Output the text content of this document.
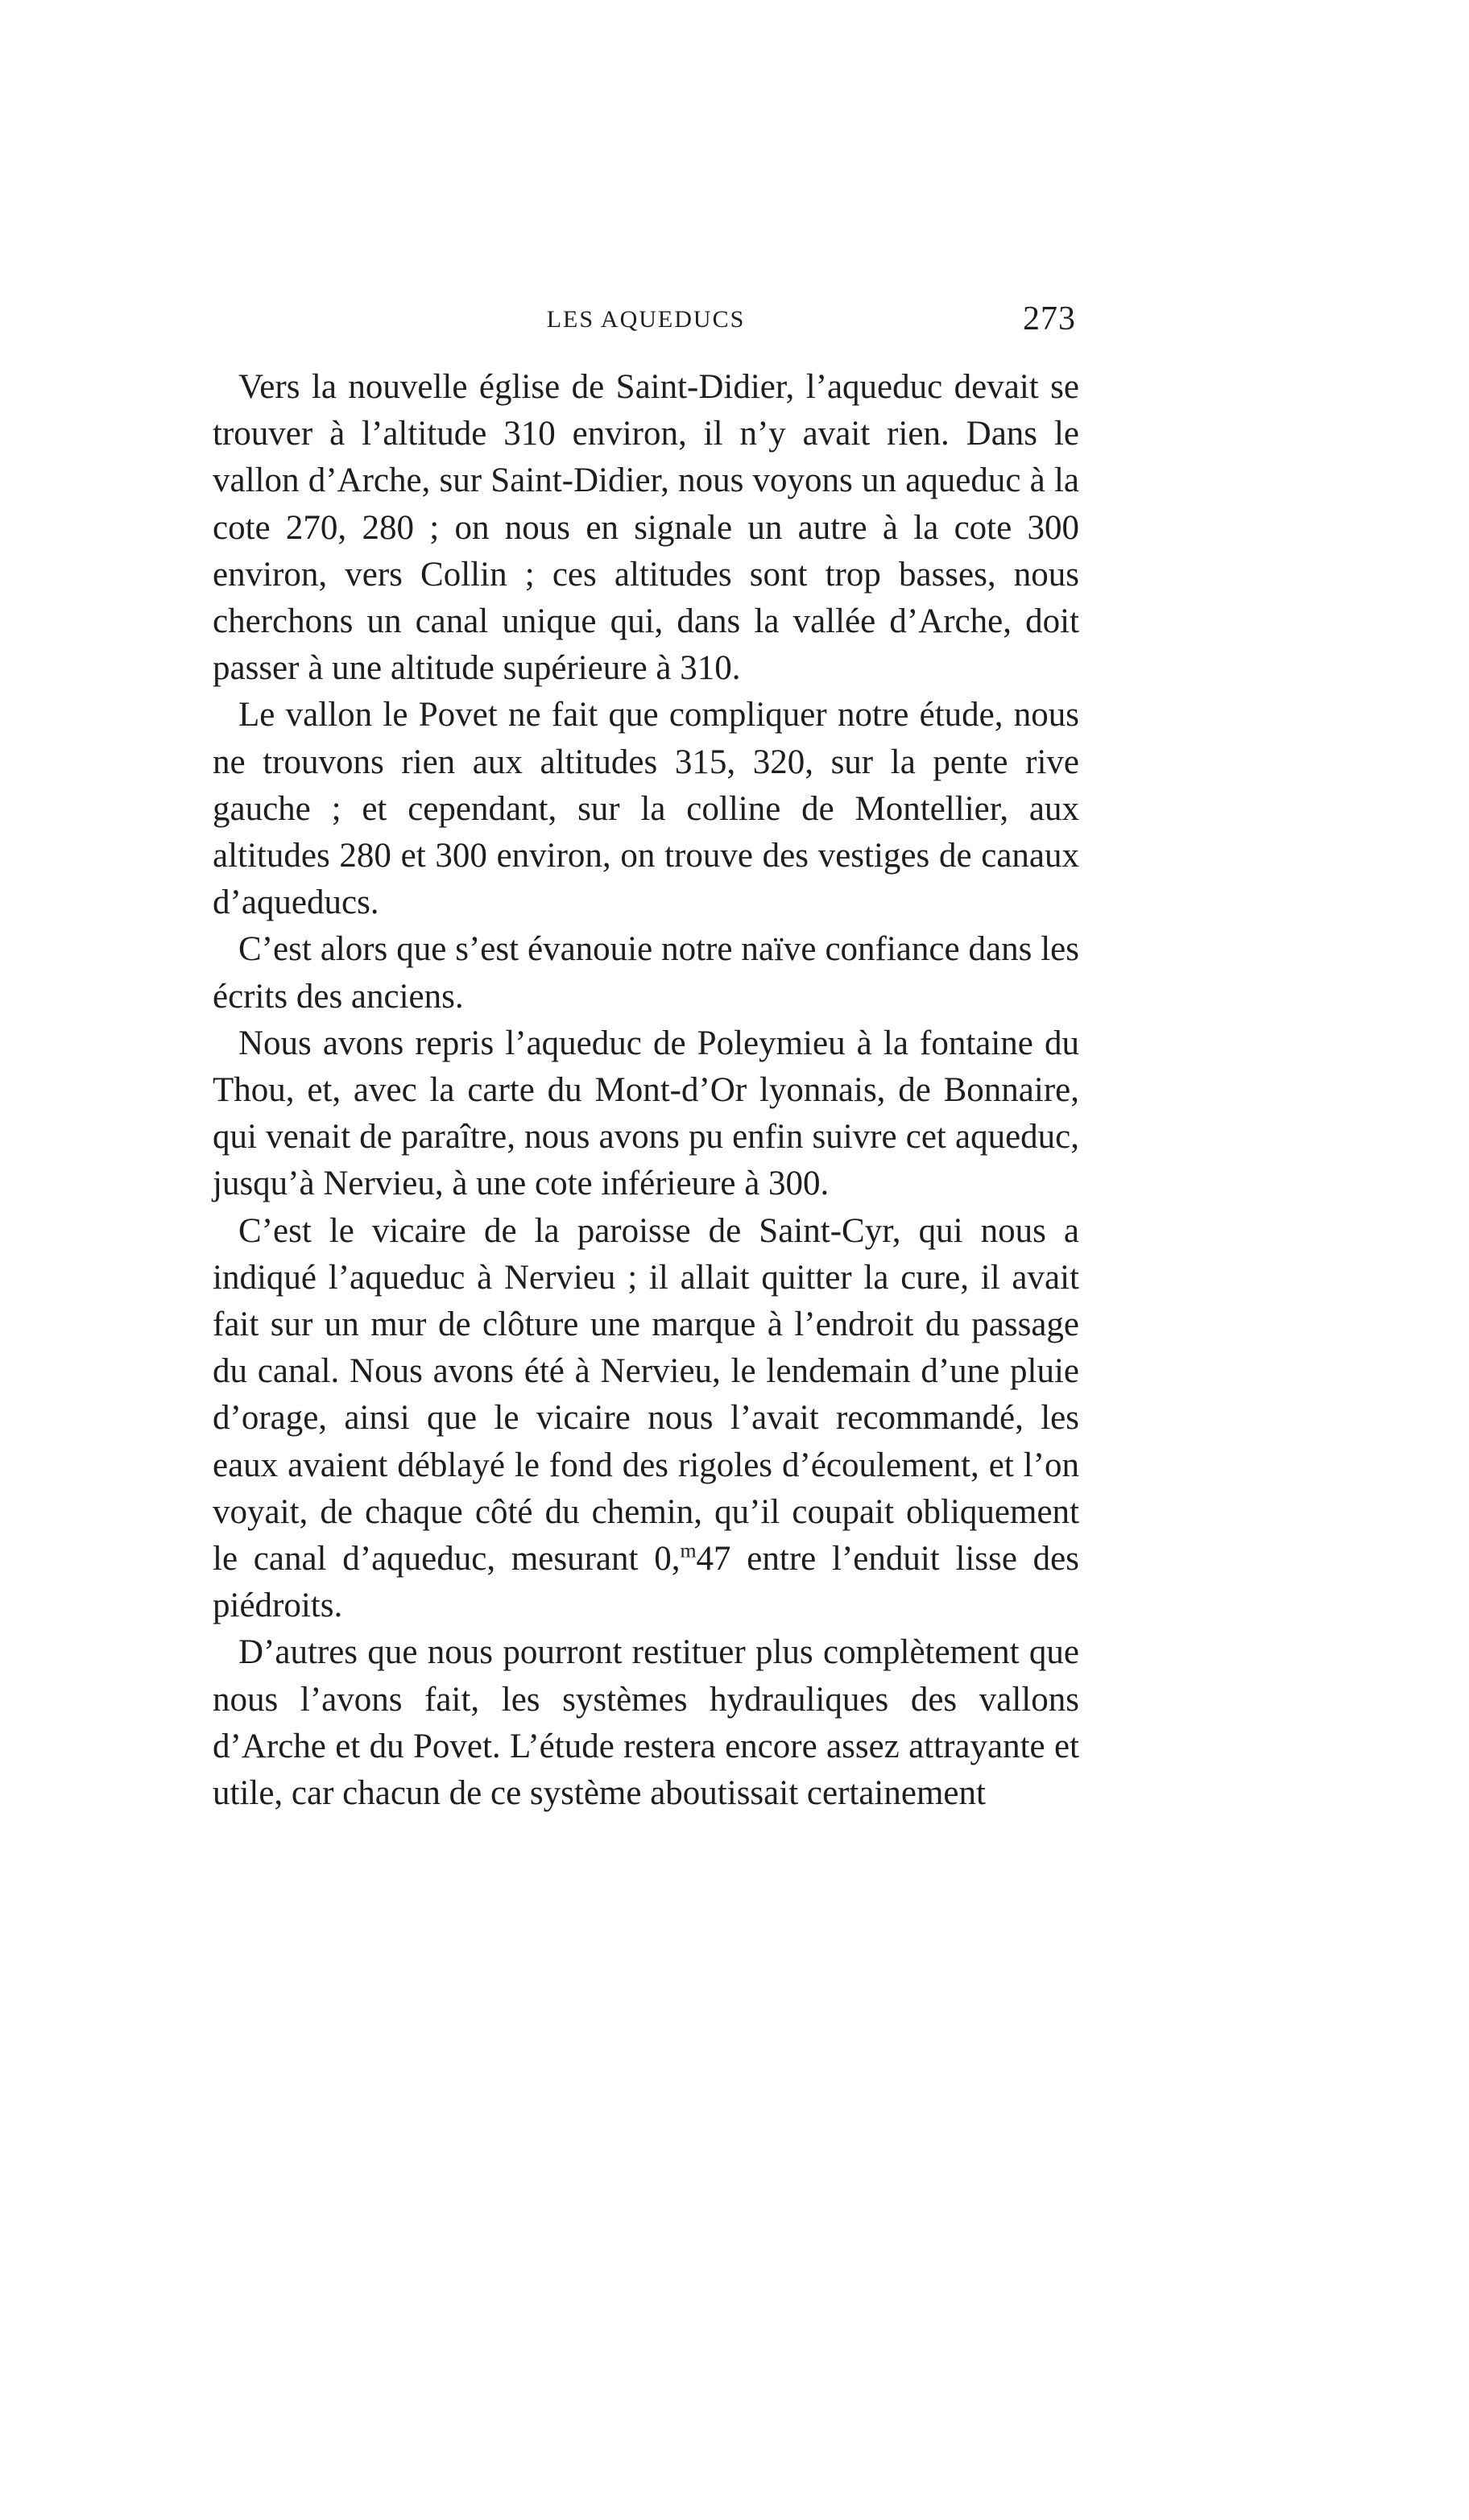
LES AQUEDUCS	273

Vers la nouvelle église de Saint-Didier, l’aqueduc devait se trouver à l’altitude 310 environ, il n’y avait rien. Dans le vallon d’Arche, sur Saint-Didier, nous voyons un aqueduc à la cote 270, 280 ; on nous en signale un autre à la cote 300 environ, vers Collin ; ces altitudes sont trop basses, nous cherchons un canal unique qui, dans la vallée d’Arche, doit passer à une altitude supérieure à 310.

Le vallon le Povet ne fait que compliquer notre étude, nous ne trouvons rien aux altitudes 315, 320, sur la pente rive gauche ; et cependant, sur la colline de Montellier, aux altitudes 280 et 300 environ, on trouve des vestiges de canaux d’aqueducs.

C’est alors que s’est évanouie notre naïve confiance dans les écrits des anciens.

Nous avons repris l’aqueduc de Poleymieu à la fontaine du Thou, et, avec la carte du Mont-d’Or lyonnais, de Bonnaire, qui venait de paraître, nous avons pu enfin suivre cet aqueduc, jusqu’à Nervieu, à une cote inférieure à 300.

C’est le vicaire de la paroisse de Saint-Cyr, qui nous a indiqué l’aqueduc à Nervieu ; il allait quitter la cure, il avait fait sur un mur de clôture une marque à l’endroit du passage du canal. Nous avons été à Nervieu, le lendemain d’une pluie d’orage, ainsi que le vicaire nous l’avait recommandé, les eaux avaient déblayé le fond des rigoles d’écoulement, et l’on voyait, de chaque côté du chemin, qu’il coupait obliquement le canal d’aqueduc, mesurant 0,$^m$47 entre l’enduit lisse des piédroits.

D’autres que nous pourront restituer plus complètement que nous l’avons fait, les systèmes hydrauliques des vallons d’Arche et du Povet. L’étude restera encore assez attrayante et utile, car chacun de ce système aboutissait certainement
